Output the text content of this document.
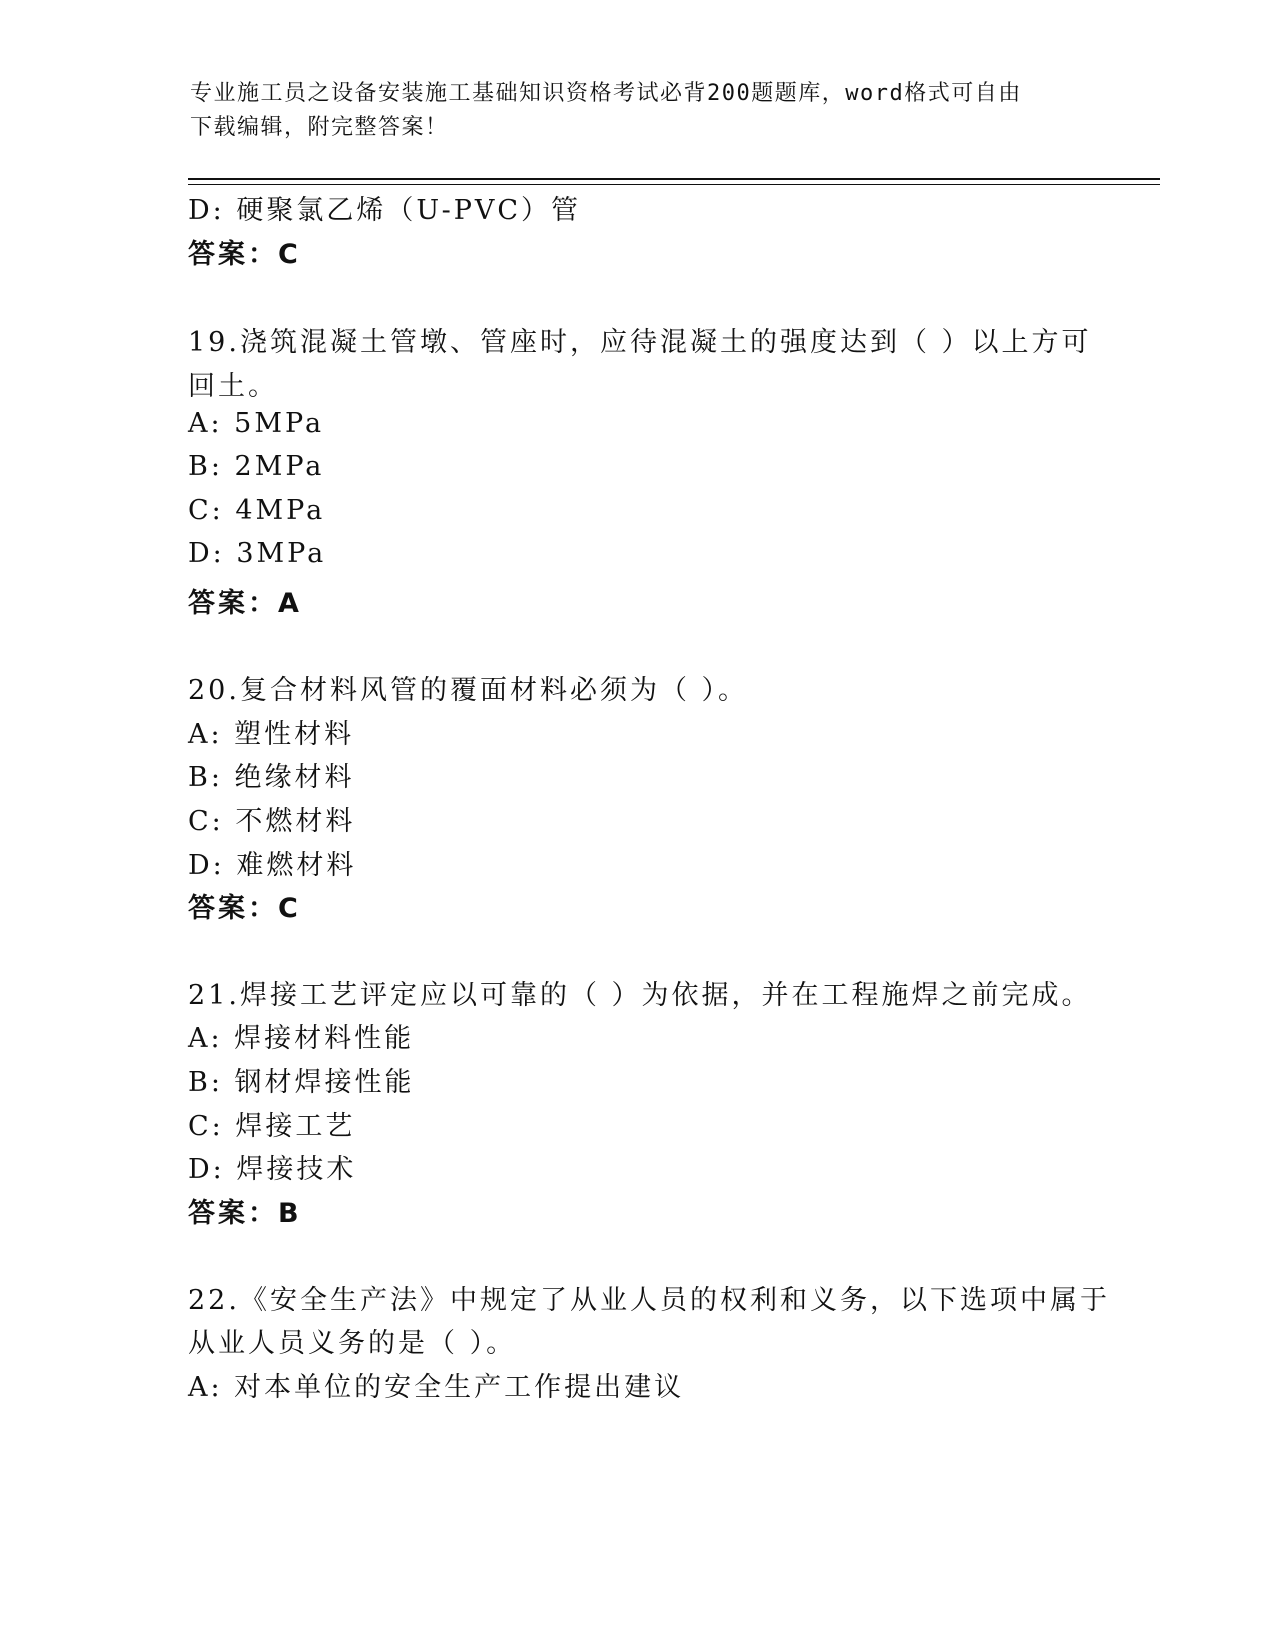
专业施工员之设备安装施工基础知识资格考试必背200题题库，word格式可自由
下载编辑，附完整答案！
D: 硬聚氯乙烯（U-PVC）管
答案：C
19.浇筑混凝土管墩、管座时，应待混凝土的强度达到（ ）以上方可
回土。
A: 5MPa
B: 2MPa
C: 4MPa
D: 3MPa
答案：A
20.复合材料风管的覆面材料必须为（ ）。
A: 塑性材料
B: 绝缘材料
C: 不燃材料
D: 难燃材料
答案：C
21.焊接工艺评定应以可靠的（ ）为依据，并在工程施焊之前完成。
A: 焊接材料性能
B: 钢材焊接性能
C: 焊接工艺
D: 焊接技术
答案：B
22.《安全生产法》中规定了从业人员的权利和义务，以下选项中属于
从业人员义务的是（ ）。
A: 对本单位的安全生产工作提出建议
